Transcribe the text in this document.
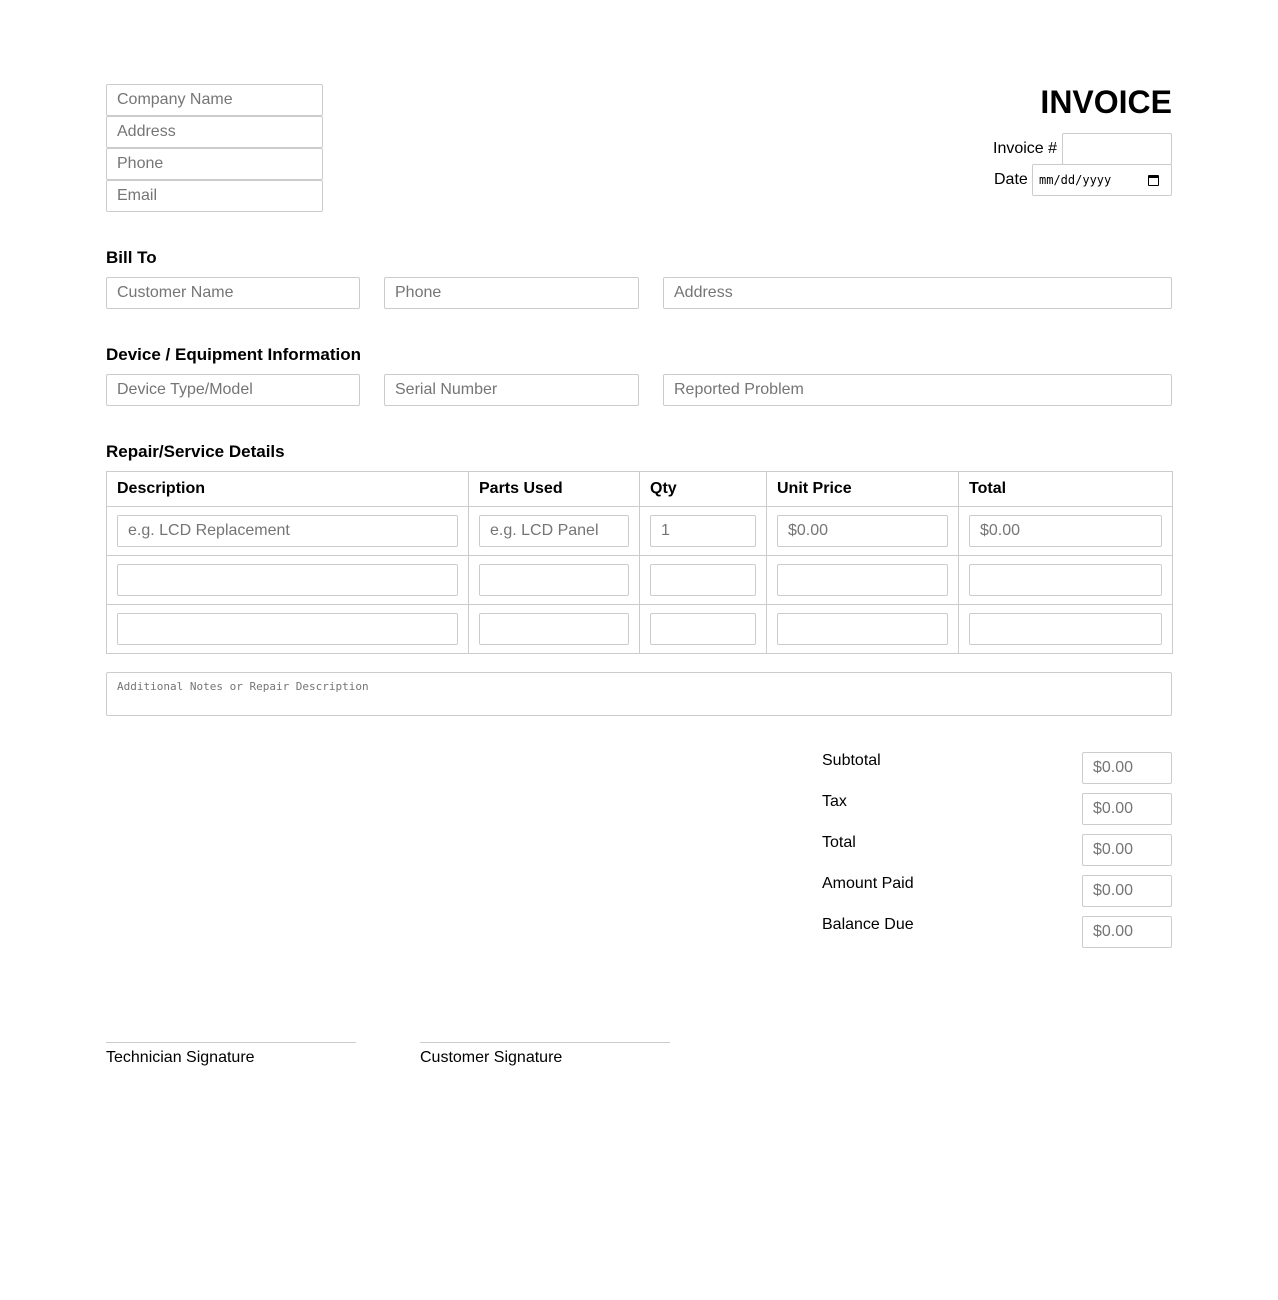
Company Name
Address
Phone
Email
INVOICE
Invoice #
Date mm/dd/yyyy
Bill To
Customer Name
Phone
Address
Device / Equipment Information
Device Type/Model
Serial Number
Reported Problem
Repair/Service Details
Description	Parts Used	Qty	Unit Price	Total
e.g. LCD Replacement	e.g. LCD Panel	1	$0.00	$0.00

Additional Notes or Repair Description
Subtotal
$0.00
Tax
$0.00
Total
$0.00
Amount Paid
$0.00
Balance Due
$0.00
Technician Signature	Customer Signature
